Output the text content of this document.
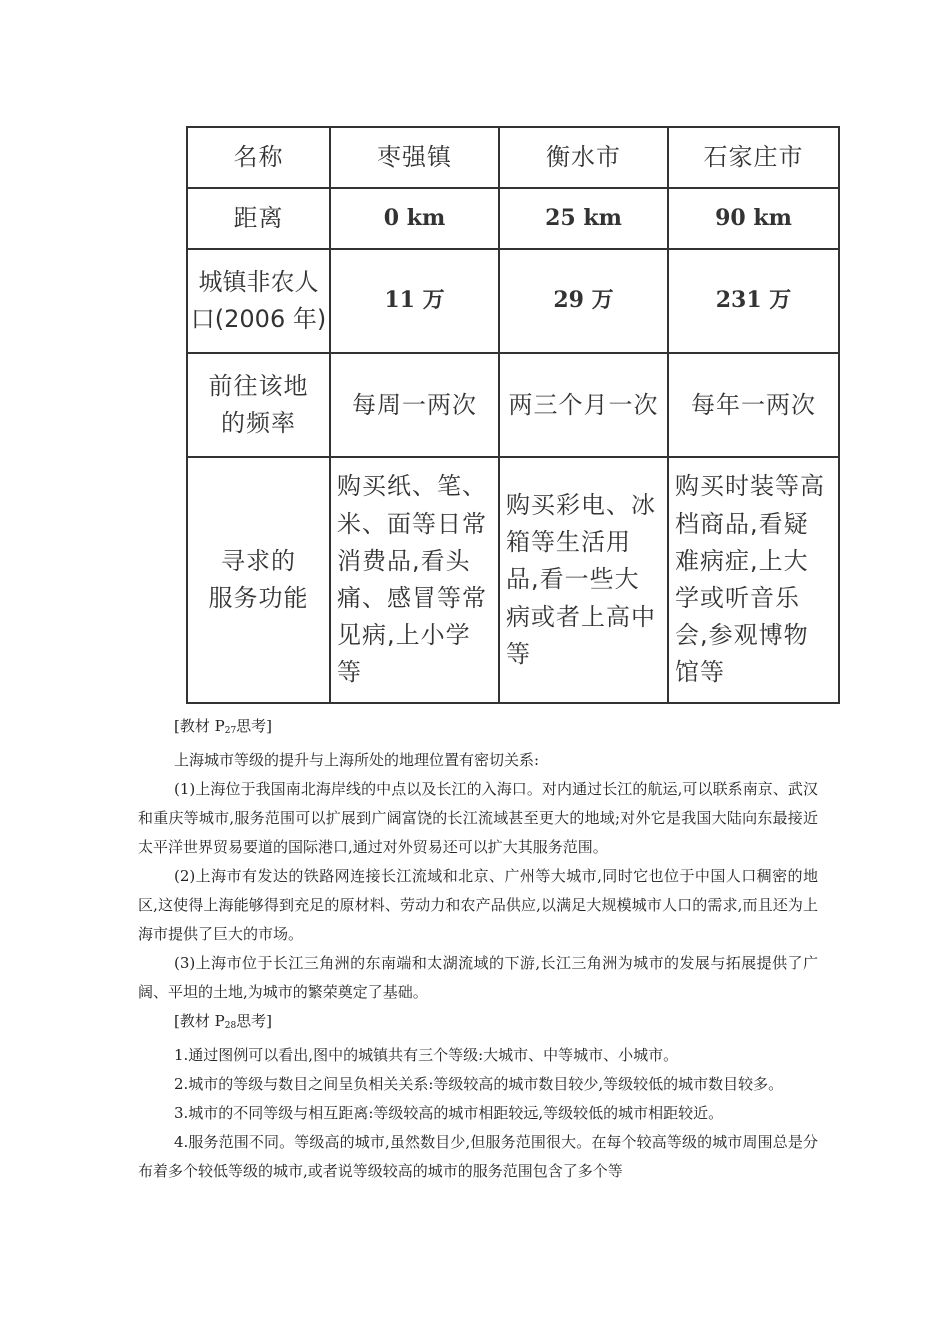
名称	枣强镇	衡水市	石家庄市
距离	0 km	25 km	90 km

城镇非农人
口(2006 年)	11 万	29 万	231 万

前往该地
的频率	每周一两次	两三个月一次	每年一两次

寻求的
服务功能	购买纸、笔、米、面等日常消费品,看头痛、感冒等常见病,上小学等	购买彩电、冰箱等生活用品,看一些大病或者上高中等	购买时装等高档商品,看疑难病症,上大学或听音乐会,参观博物馆等

[教材 $P_{27}$思考]

上海城市等级的提升与上海所处的地理位置有密切关系:

(1)上海位于我国南北海岸线的中点以及长江的入海口。对内通过长江的航运,可以联系南京、武汉和重庆等城市,服务范围可以扩展到广阔富饶的长江流域甚至更大的地域;对外它是我国大陆向东最接近太平洋世界贸易要道的国际港口,通过对外贸易还可以扩大其服务范围。

(2)上海市有发达的铁路网连接长江流域和北京、广州等大城市,同时它也位于中国人口稠密的地区,这使得上海能够得到充足的原材料、劳动力和农产品供应,以满足大规模城市人口的需求,而且还为上海市提供了巨大的市场。

(3)上海市位于长江三角洲的东南端和太湖流域的下游,长江三角洲为城市的发展与拓展提供了广阔、平坦的土地,为城市的繁荣奠定了基础。

[教材 $P_{28}$思考]

1.通过图例可以看出,图中的城镇共有三个等级:大城市、中等城市、小城市。

2.城市的等级与数目之间呈负相关关系:等级较高的城市数目较少,等级较低的城市数目较多。

3.城市的不同等级与相互距离:等级较高的城市相距较远,等级较低的城市相距较近。

4.服务范围不同。等级高的城市,虽然数目少,但服务范围很大。在每个较高等级的城市周围总是分布着多个较低等级的城市,或者说等级较高的城市的服务范围包含了多个等
